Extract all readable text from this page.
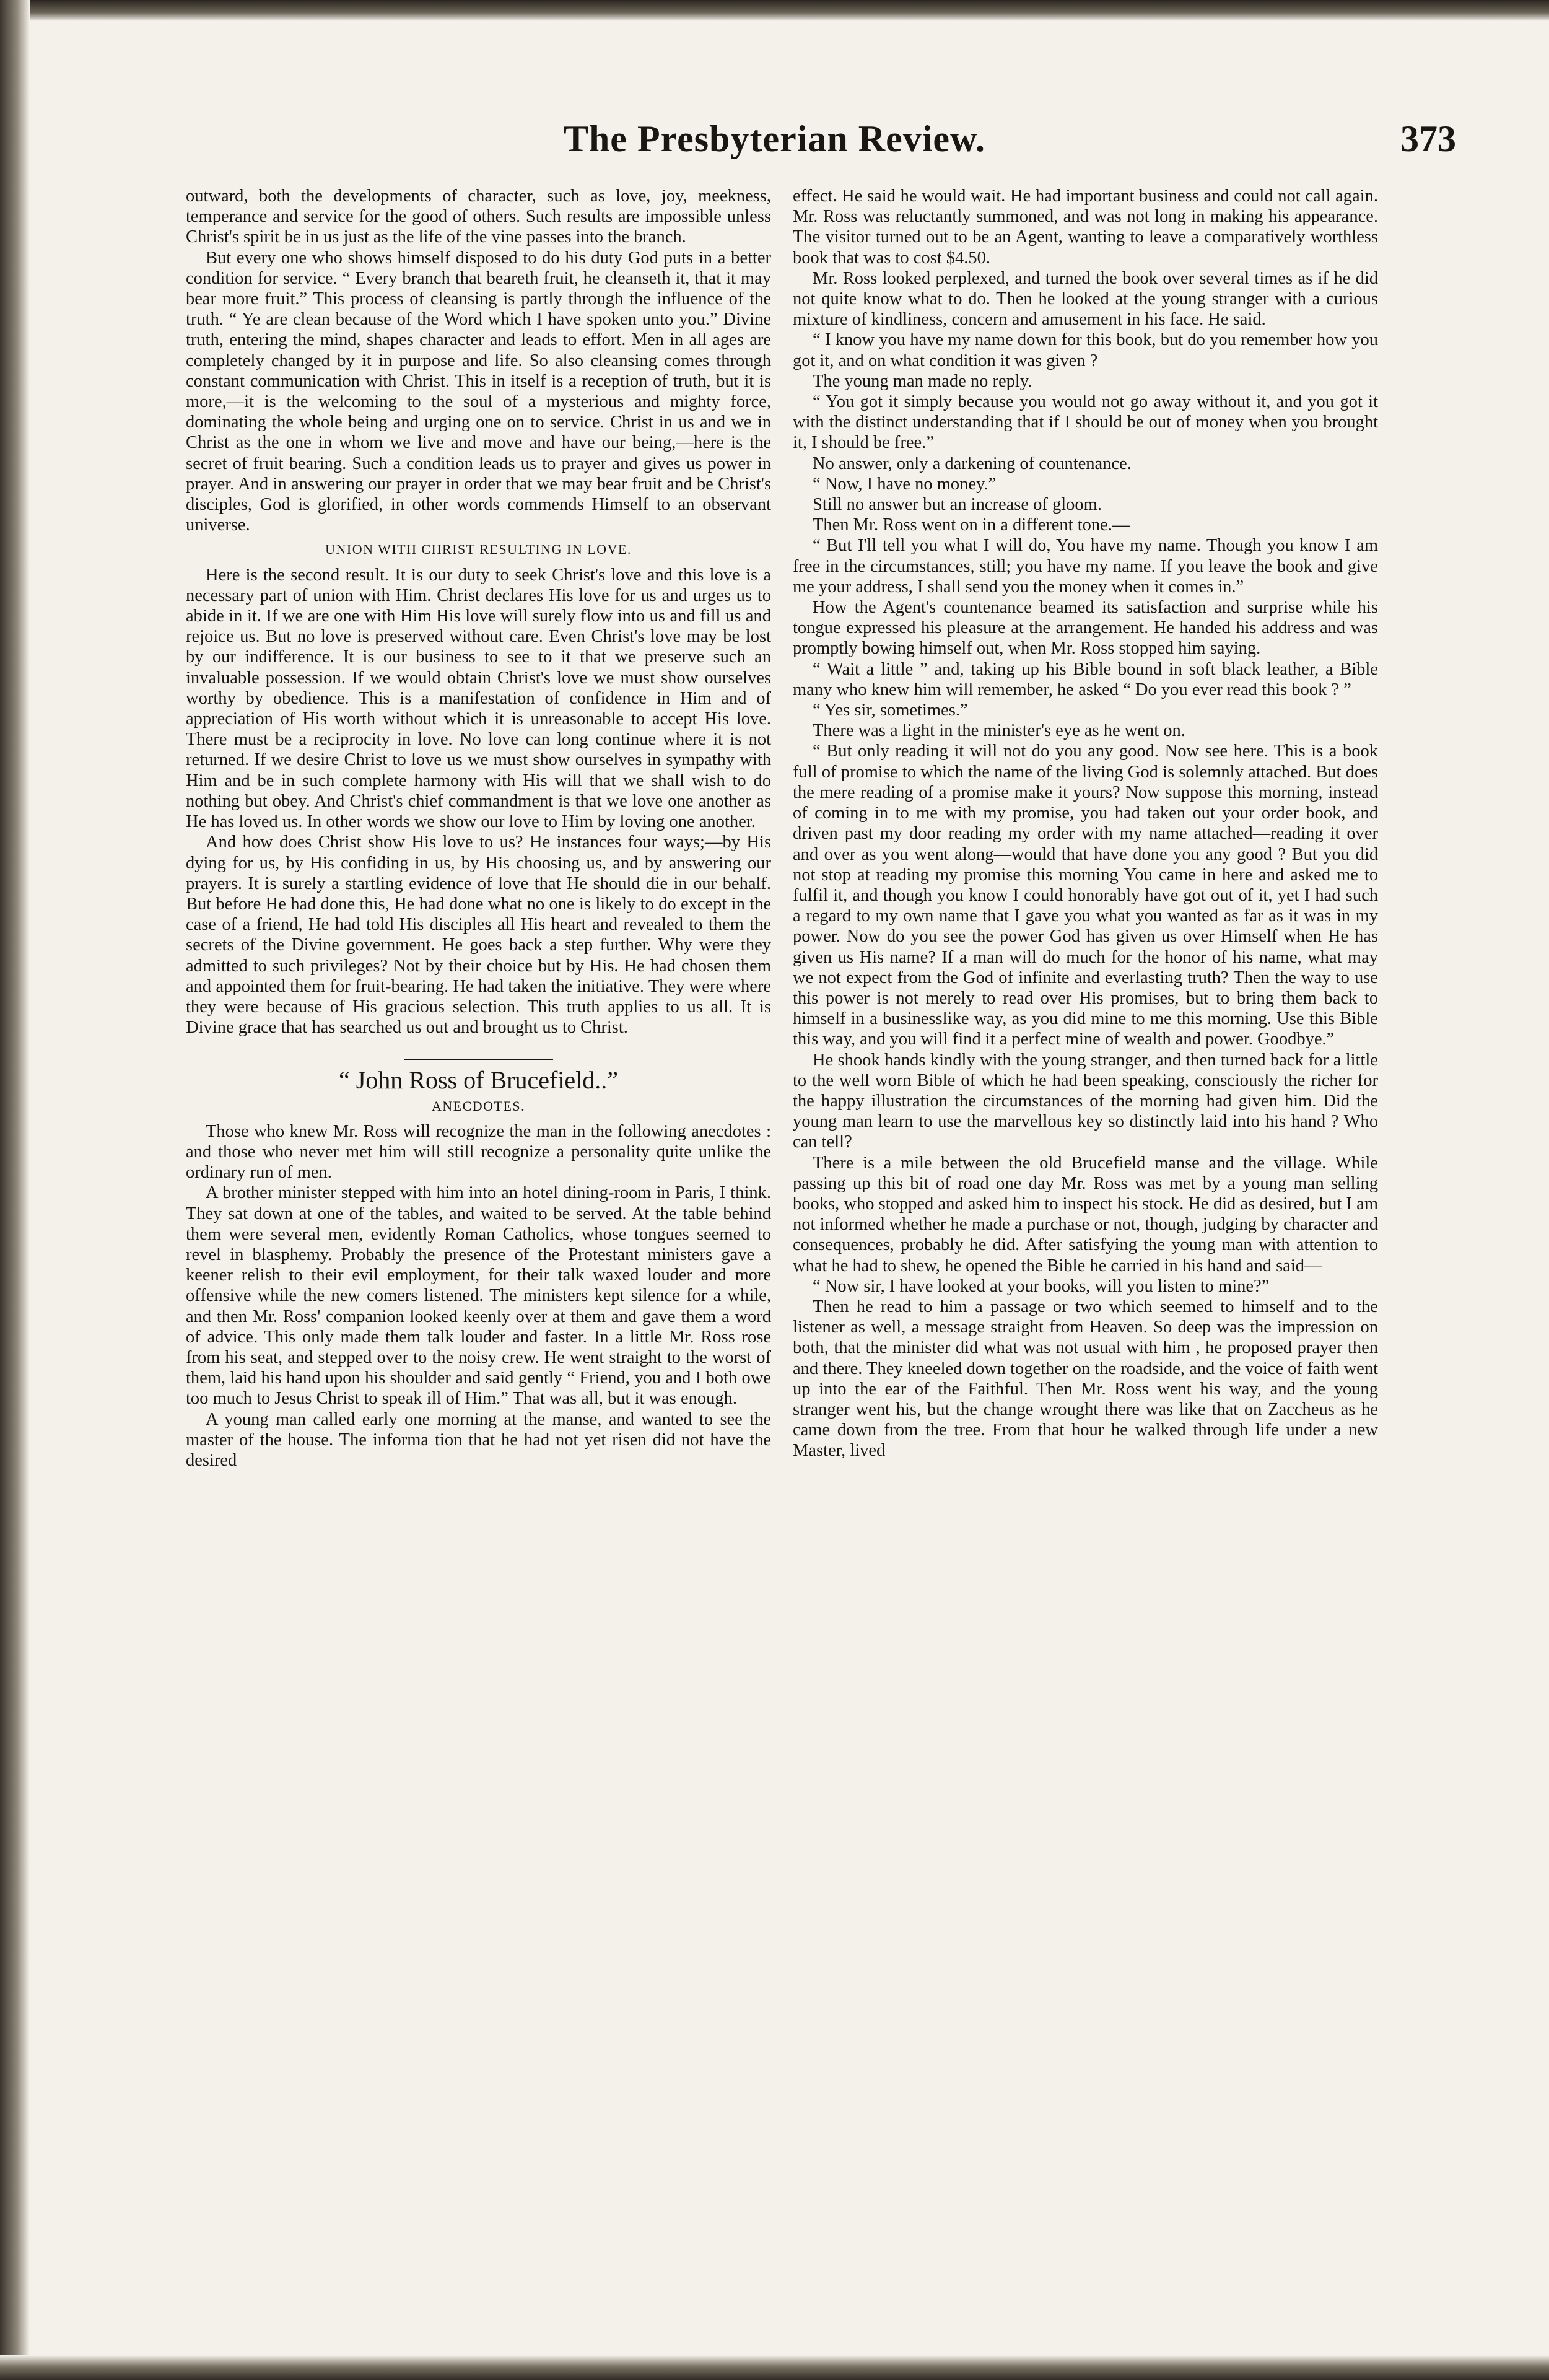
The Presbyterian Review.	373

outward, both the developments of character, such as love, joy, meekness, temperance and service for the good of others. Such results are impossible unless Christ's spirit be in us just as the life of the vine passes into the branch.

But every one who shows himself disposed to do his duty God puts in a better condition for service. “ Every branch that beareth fruit, he cleanseth it, that it may bear more fruit.” This process of cleansing is partly through the influence of the truth. “ Ye are clean because of the Word which I have spoken unto you.” Divine truth, entering the mind, shapes character and leads to effort. Men in all ages are completely changed by it in purpose and life. So also cleansing comes through constant communication with Christ. This in itself is a reception of truth, but it is more,—it is the welcoming to the soul of a mysterious and mighty force, dominating the whole being and urging one on to service. Christ in us and we in Christ as the one in whom we live and move and have our being,—here is the secret of fruit bearing. Such a condition leads us to prayer and gives us power in prayer. And in answering our prayer in order that we may bear fruit and be Christ's disciples, God is glorified, in other words commends Himself to an observant universe.

UNION WITH CHRIST RESULTING IN LOVE.

Here is the second result. It is our duty to seek Christ's love and this love is a necessary part of union with Him. Christ declares His love for us and urges us to abide in it. If we are one with Him His love will surely flow into us and fill us and rejoice us. But no love is preserved without care. Even Christ's love may be lost by our indifference. It is our business to see to it that we preserve such an invaluable possession. If we would obtain Christ's love we must show ourselves worthy by obedience. This is a manifestation of confidence in Him and of appreciation of His worth without which it is unreasonable to accept His love. There must be a reciprocity in love. No love can long continue where it is not returned. If we desire Christ to love us we must show ourselves in sympathy with Him and be in such complete harmony with His will that we shall wish to do nothing but obey. And Christ's chief commandment is that we love one another as He has loved us. In other words we show our love to Him by loving one another.

And how does Christ show His love to us? He instances four ways;—by His dying for us, by His confiding in us, by His choosing us, and by answering our prayers. It is surely a startling evidence of love that He should die in our behalf. But before He had done this, He had done what no one is likely to do except in the case of a friend, He had told His disciples all His heart and revealed to them the secrets of the Divine government. He goes back a step further. Why were they admitted to such privileges? Not by their choice but by His. He had chosen them and appointed them for fruit-bearing. He had taken the initiative. They were where they were because of His gracious selection. This truth applies to us all. It is Divine grace that has searched us out and brought us to Christ.

“ John Ross of Brucefield..”
ANECDOTES.

Those who knew Mr. Ross will recognize the man in the following anecdotes : and those who never met him will still recognize a personality quite unlike the ordinary run of men.

A brother minister stepped with him into an hotel dining-room in Paris, I think. They sat down at one of the tables, and waited to be served. At the table behind them were several men, evidently Roman Catholics, whose tongues seemed to revel in blasphemy. Probably the presence of the Protestant ministers gave a keener relish to their evil employment, for their talk waxed louder and more offensive while the new comers listened. The ministers kept silence for a while, and then Mr. Ross' companion looked keenly over at them and gave them a word of advice. This only made them talk louder and faster. In a little Mr. Ross rose from his seat, and stepped over to the noisy crew. He went straight to the worst of them, laid his hand upon his shoulder and said gently “ Friend, you and I both owe too much to Jesus Christ to speak ill of Him.” That was all, but it was enough.

A young man called early one morning at the manse, and wanted to see the master of the house. The informa tion that he had not yet risen did not have the desired

effect. He said he would wait. He had important business and could not call again. Mr. Ross was reluctantly summoned, and was not long in making his appearance. The visitor turned out to be an Agent, wanting to leave a comparatively worthless book that was to cost $4.50.

Mr. Ross looked perplexed, and turned the book over several times as if he did not quite know what to do. Then he looked at the young stranger with a curious mixture of kindliness, concern and amusement in his face. He said.

“ I know you have my name down for this book, but do you remember how you got it, and on what condition it was given ?

The young man made no reply.

“ You got it simply because you would not go away without it, and you got it with the distinct understanding that if I should be out of money when you brought it, I should be free.”

No answer, only a darkening of countenance.

“ Now, I have no money.”

Still no answer but an increase of gloom.

Then Mr. Ross went on in a different tone.—

“ But I'll tell you what I will do, You have my name. Though you know I am free in the circumstances, still; you have my name. If you leave the book and give me your address, I shall send you the money when it comes in.”

How the Agent's countenance beamed its satisfaction and surprise while his tongue expressed his pleasure at the arrangement. He handed his address and was promptly bowing himself out, when Mr. Ross stopped him saying.

“ Wait a little ” and, taking up his Bible bound in soft black leather, a Bible many who knew him will remember, he asked “ Do you ever read this book ? ”

“ Yes sir, sometimes.”

There was a light in the minister's eye as he went on.

“ But only reading it will not do you any good. Now see here. This is a book full of promise to which the name of the living God is solemnly attached. But does the mere reading of a promise make it yours? Now suppose this morning, instead of coming in to me with my promise, you had taken out your order book, and driven past my door reading my order with my name attached—reading it over and over as you went along—would that have done you any good ? But you did not stop at reading my promise this morning You came in here and asked me to fulfil it, and though you know I could honorably have got out of it, yet I had such a regard to my own name that I gave you what you wanted as far as it was in my power. Now do you see the power God has given us over Himself when He has given us His name? If a man will do much for the honor of his name, what may we not expect from the God of infinite and everlasting truth? Then the way to use this power is not merely to read over His promises, but to bring them back to himself in a businesslike way, as you did mine to me this morning. Use this Bible this way, and you will find it a perfect mine of wealth and power. Goodbye.”

He shook hands kindly with the young stranger, and then turned back for a little to the well worn Bible of which he had been speaking, consciously the richer for the happy illustration the circumstances of the morning had given him. Did the young man learn to use the marvellous key so distinctly laid into his hand ? Who can tell?

There is a mile between the old Brucefield manse and the village. While passing up this bit of road one day Mr. Ross was met by a young man selling books, who stopped and asked him to inspect his stock. He did as desired, but I am not informed whether he made a purchase or not, though, judging by character and consequences, probably he did. After satisfying the young man with attention to what he had to shew, he opened the Bible he carried in his hand and said—

“ Now sir, I have looked at your books, will you listen to mine?”

Then he read to him a passage or two which seemed to himself and to the listener as well, a message straight from Heaven. So deep was the impression on both, that the minister did what was not usual with him , he proposed prayer then and there. They kneeled down together on the roadside, and the voice of faith went up into the ear of the Faithful. Then Mr. Ross went his way, and the young stranger went his, but the change wrought there was like that on Zaccheus as he came down from the tree. From that hour he walked through life under a new Master, lived
